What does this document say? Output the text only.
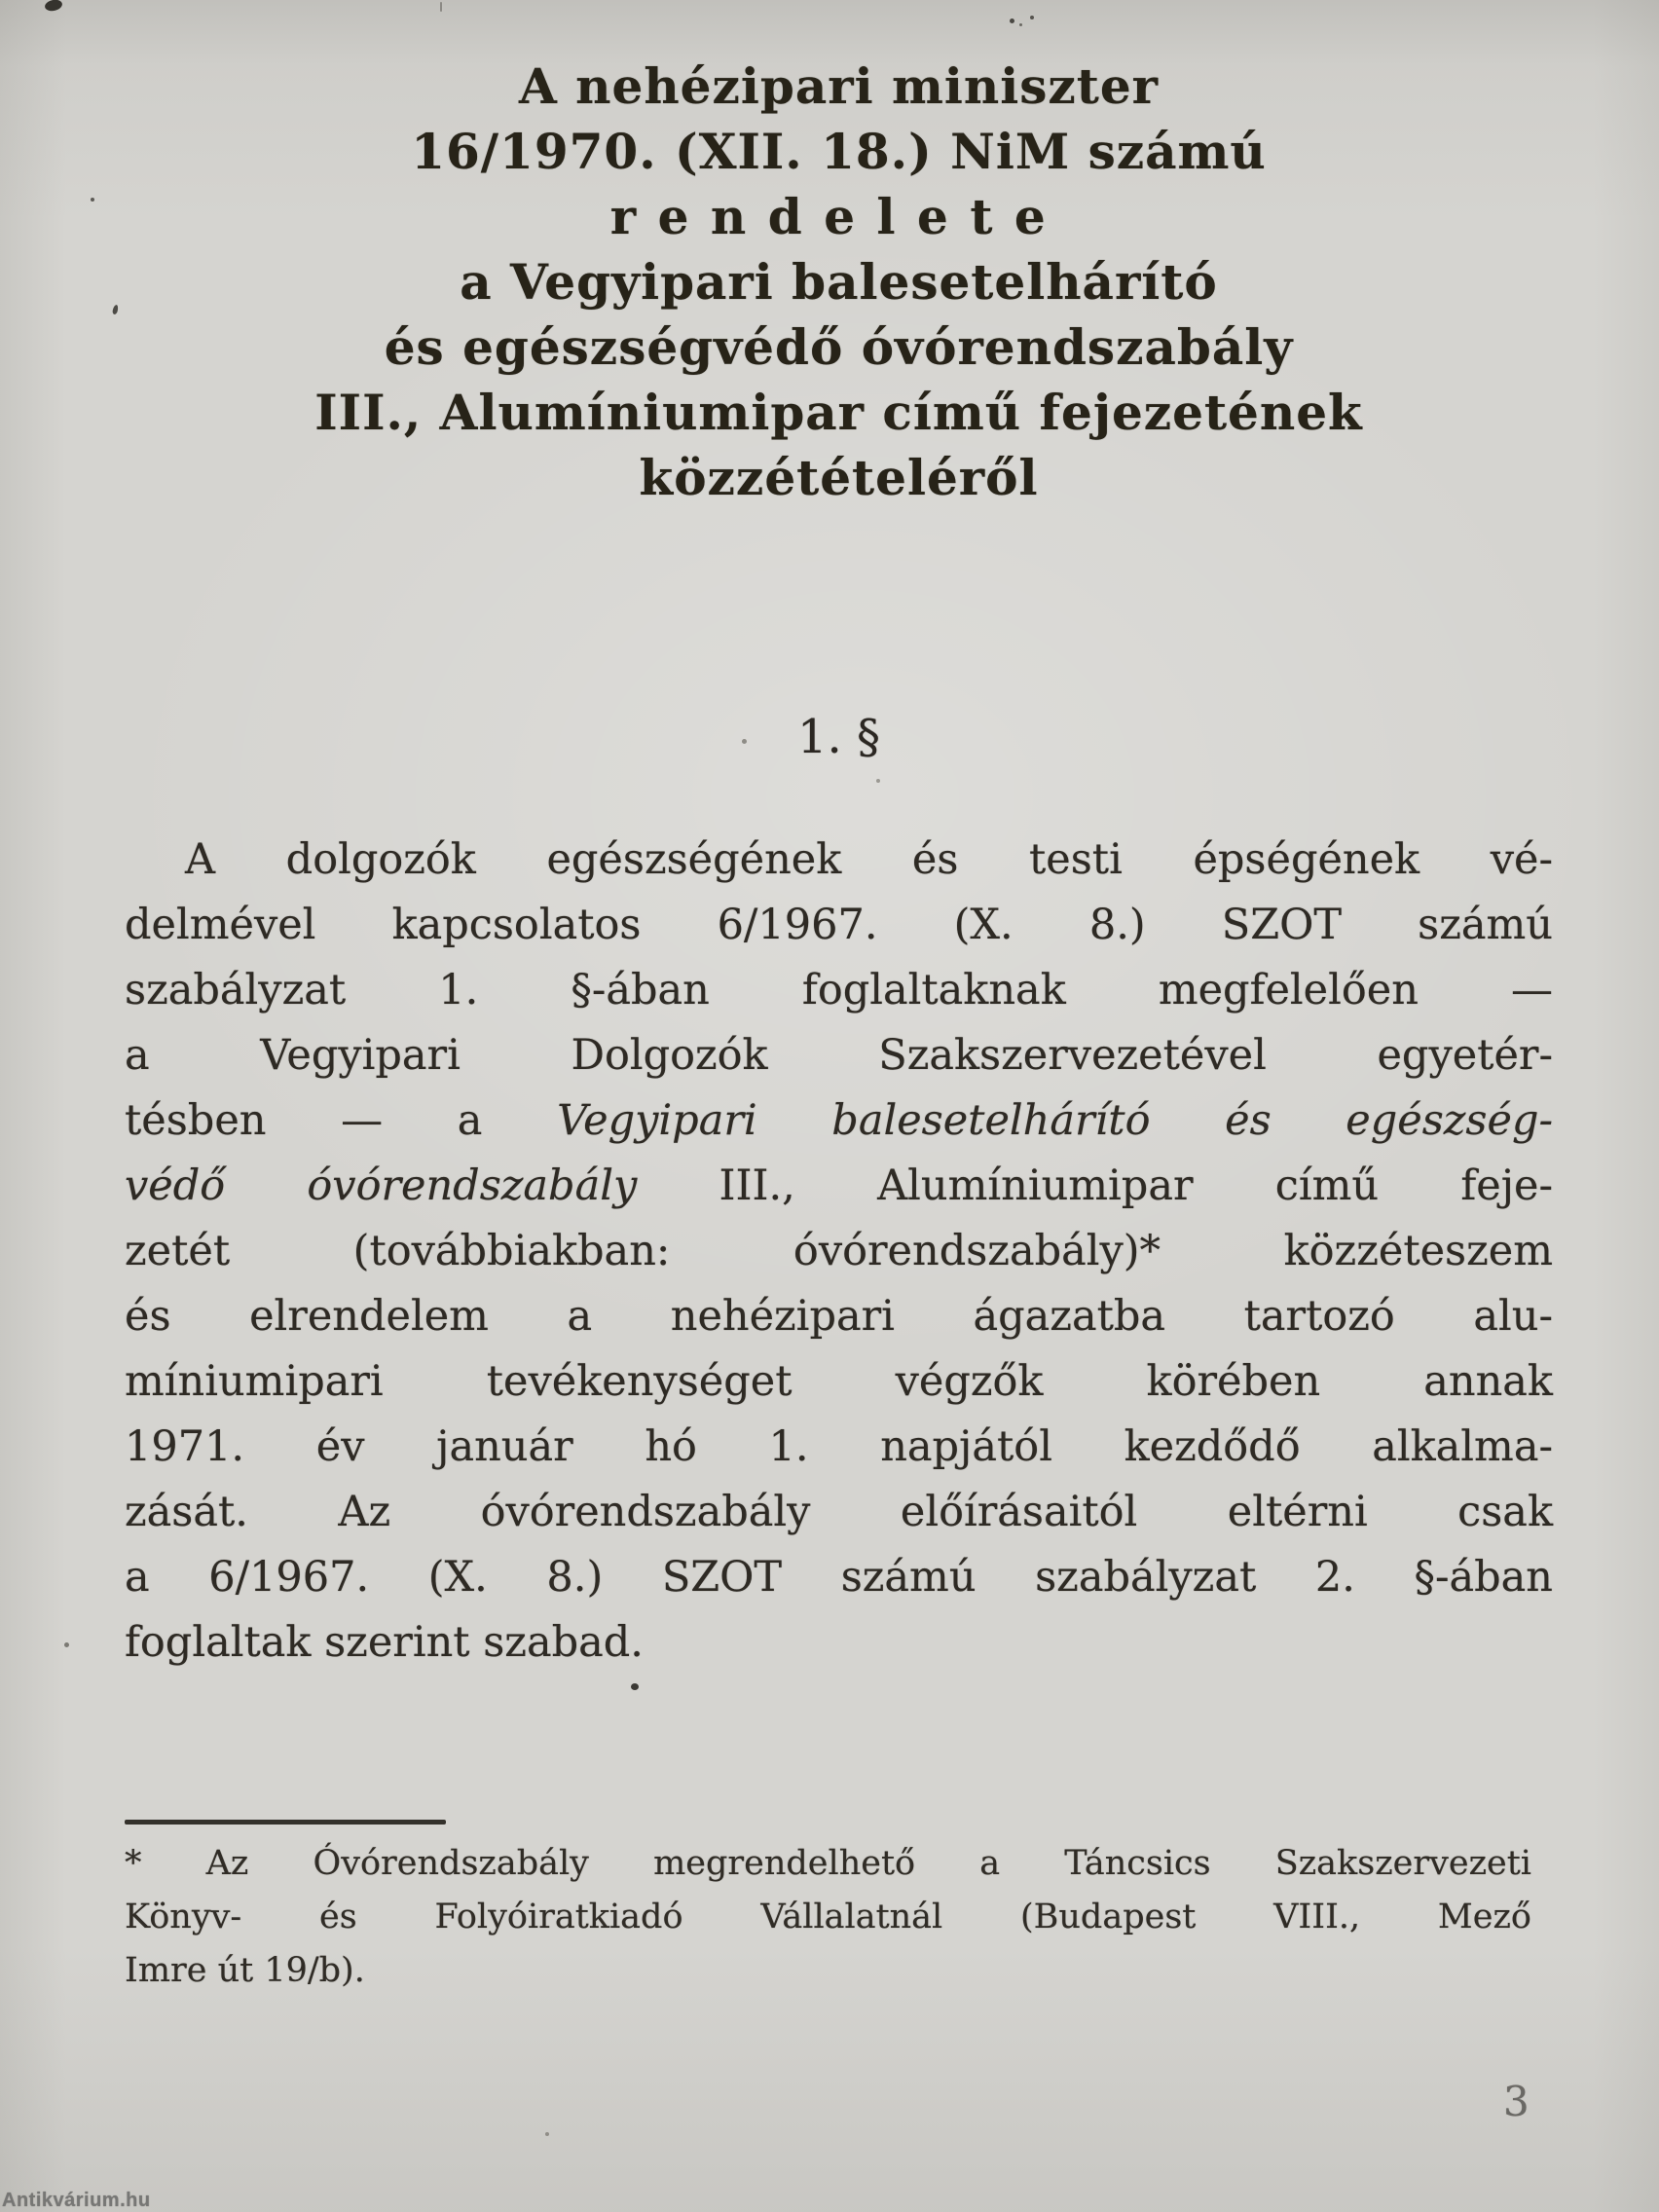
A nehézipari miniszter
16/1970. (XII. 18.) NiM számú
rendelete
a Vegyipari balesetelhárító
és egészségvédő óvórendszabály
III., Alumíniumipar című fejezetének
közzétételéről
1. §
A dolgozók egészségének és testi épségének vé-
delmével kapcsolatos 6/1967. (X. 8.) SZOT számú
szabályzat 1. §-ában foglaltaknak megfelelően —
a Vegyipari Dolgozók Szakszervezetével egyetér-
tésben — a Vegyipari balesetelhárító és egészség-
védő óvórendszabály III., Alumíniumipar című feje-
zetét (továbbiakban: óvórendszabály)* közzéteszem
és elrendelem a nehézipari ágazatba tartozó alu-
míniumipari tevékenységet végzők körében annak
1971. év január hó 1. napjától kezdődő alkalma-
zását. Az óvórendszabály előírásaitól eltérni csak
a 6/1967. (X. 8.) SZOT számú szabályzat 2. §-ában
foglaltak szerint szabad.
* Az Óvórendszabály megrendelhető a Táncsics Szakszervezeti
Könyv- és Folyóiratkiadó Vállalatnál (Budapest VIII., Mező
Imre út 19/b).
3
Antikvárium.hu
